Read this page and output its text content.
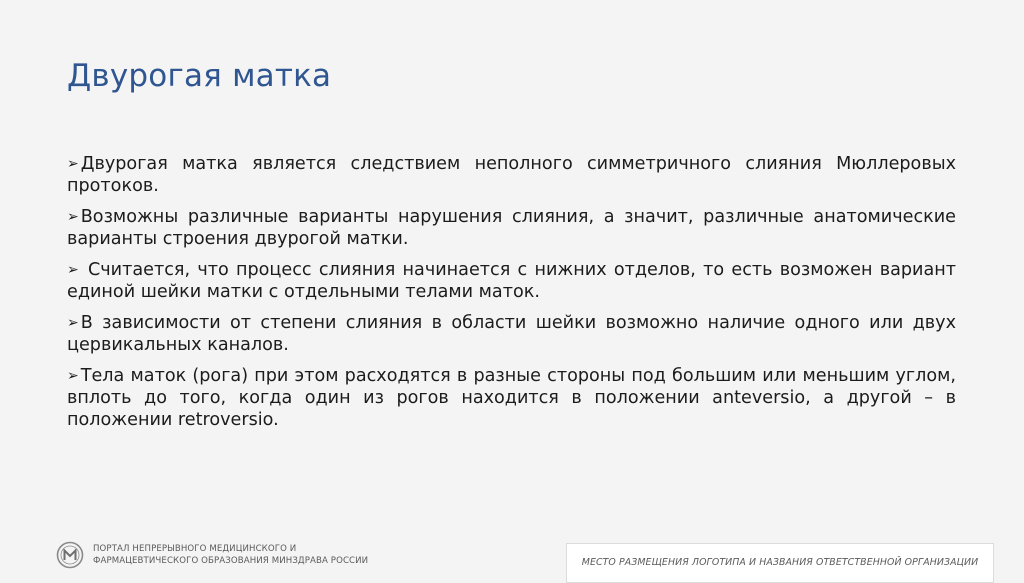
Двурогая матка

➢ Двурогая матка является следствием неполного симметричного слияния Мюллеровых протоков.

➢ Возможны различные варианты нарушения слияния, а значит, различные анатомические варианты строения двурогой матки.

➢ Считается, что процесс слияния начинается с нижних отделов, то есть возможен вариант единой шейки матки с отдельными телами маток.

➢ В зависимости от степени слияния в области шейки возможно наличие одного или двух цервикальных каналов.

➢ Тела маток (рога) при этом расходятся в разные стороны под большим или меньшим углом, вплоть до того, когда один из рогов находится в положении anteversio, а другой – в положении retroversio.

ПОРТАЛ НЕПРЕРЫВНОГО МЕДИЦИНСКОГО И
ФАРМАЦЕВТИЧЕСКОГО ОБРАЗОВАНИЯ МИНЗДРАВА РОССИИ	МЕСТО РАЗМЕЩЕНИЯ ЛОГОТИПА И НАЗВАНИЯ ОТВЕТСТВЕННОЙ ОРГАНИЗАЦИИ
